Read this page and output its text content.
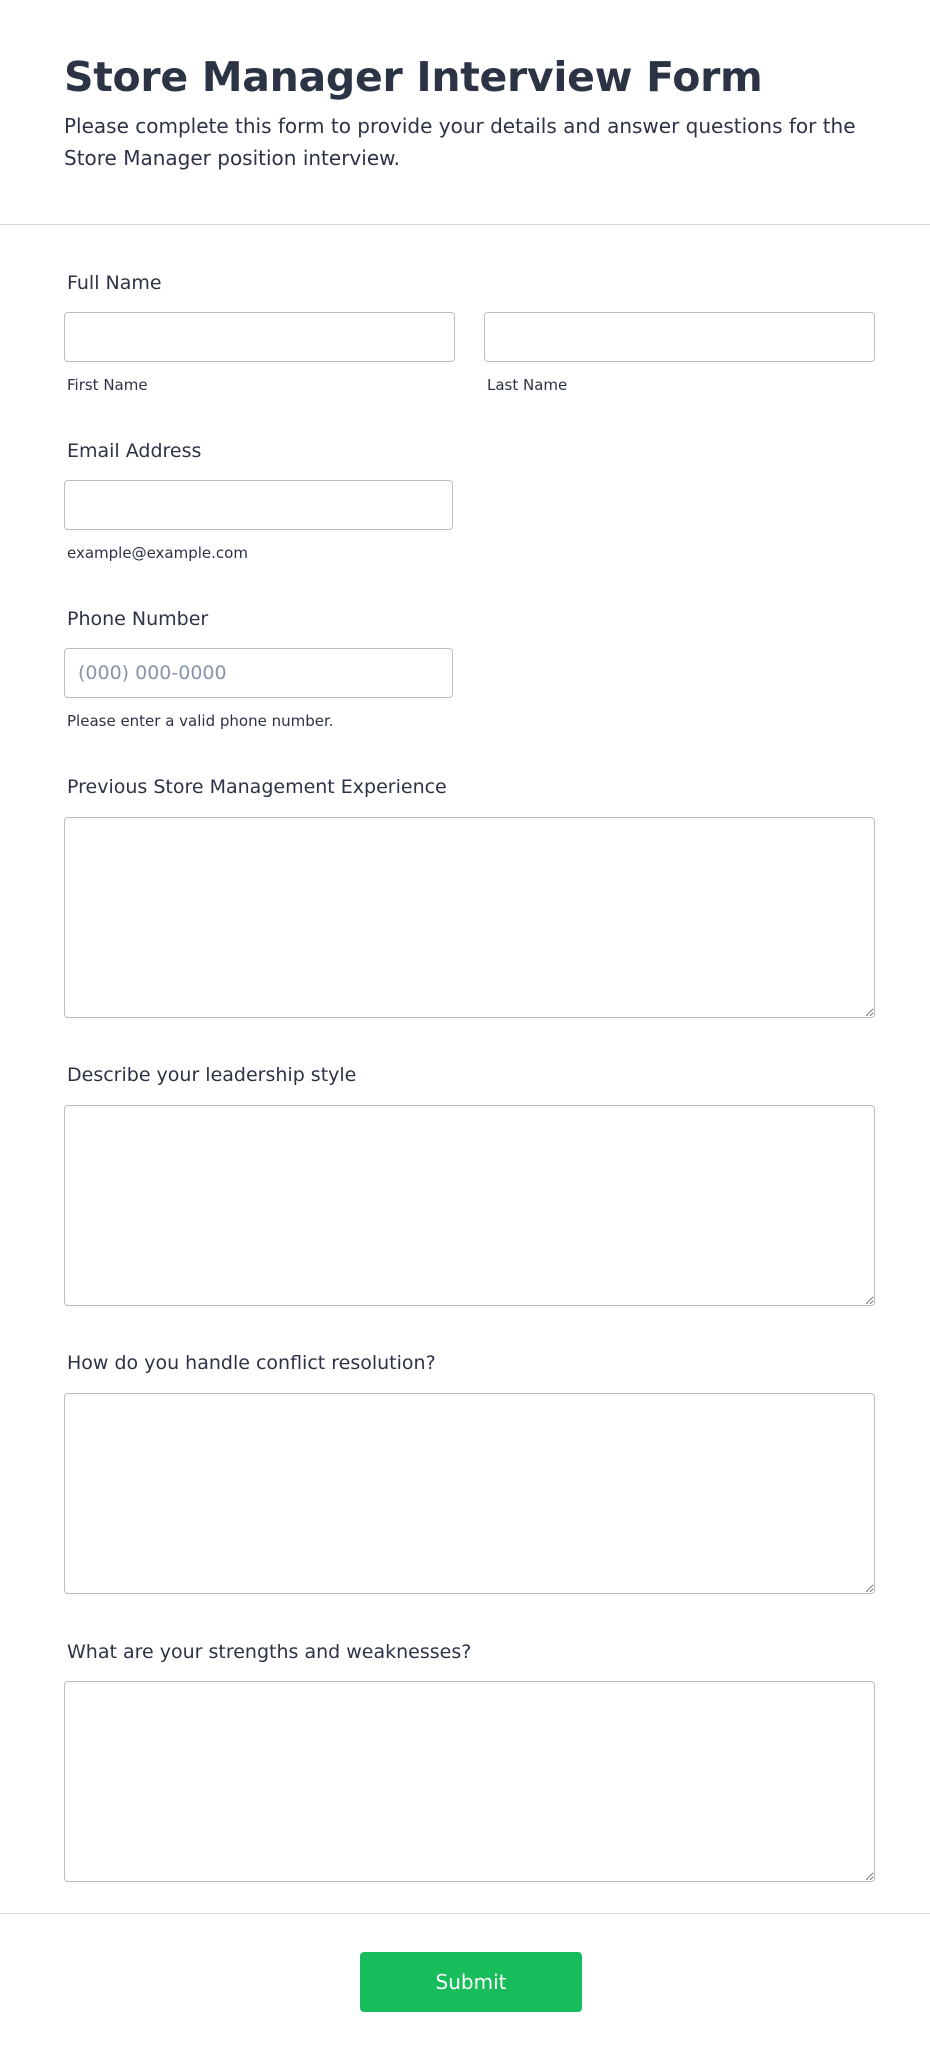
Store Manager Interview Form

Please complete this form to provide your details and answer questions for the Store Manager position interview.

Full Name
First Name	Last Name
Email Address
example@example.com
Phone Number
(000) 000-0000
Please enter a valid phone number.
Previous Store Management Experience
Describe your leadership style
How do you handle conflict resolution?
What are your strengths and weaknesses?
Submit
